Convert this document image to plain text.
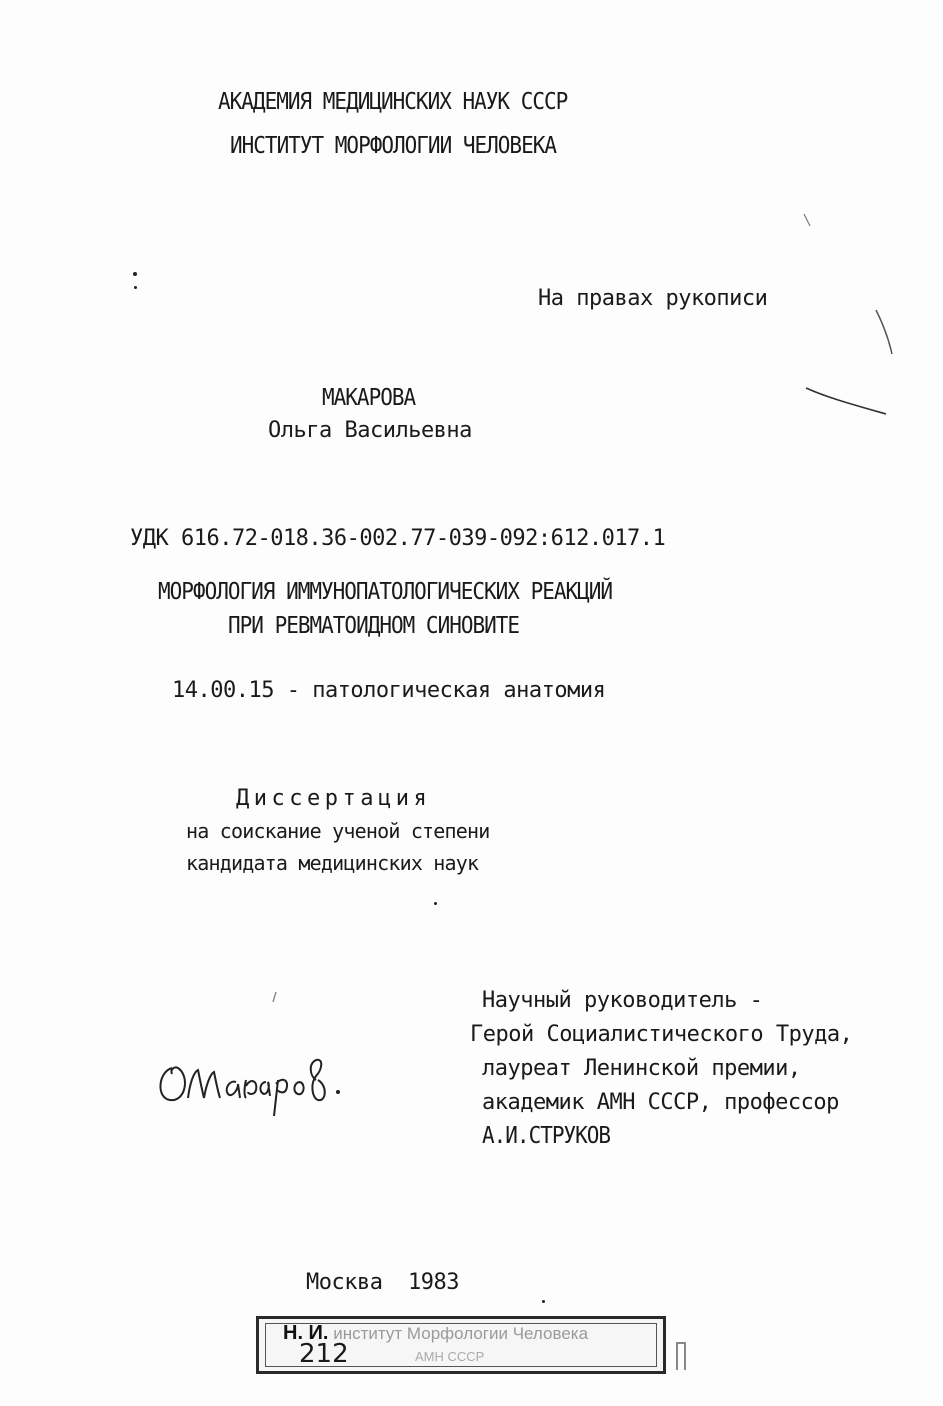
АКАДЕМИЯ МЕДИЦИНСКИХ НАУК СССР
ИНСТИТУТ МОРФОЛОГИИ ЧЕЛОВЕКА
На правах рукописи
МАКАРОВА
Ольга Васильевна
УДК 616.72-018.36-002.77-039-092:612.017.1
МОРФОЛОГИЯ ИММУНОПАТОЛОГИЧЕСКИХ РЕАКЦИЙ
ПРИ РЕВМАТОИДНОМ СИНОВИТЕ
14.00.15 - патологическая анатомия
Диссертация
на соискание ученой степени
кандидата медицинских наук
Научный руководитель -
Герой Социалистического Труда,
лауреат Ленинской премии,
академик АМН СССР, профессор
А.И.СТРУКОВ
Москва  1983
Н. И. институт Морфологии Человека
АМН СССР
212
